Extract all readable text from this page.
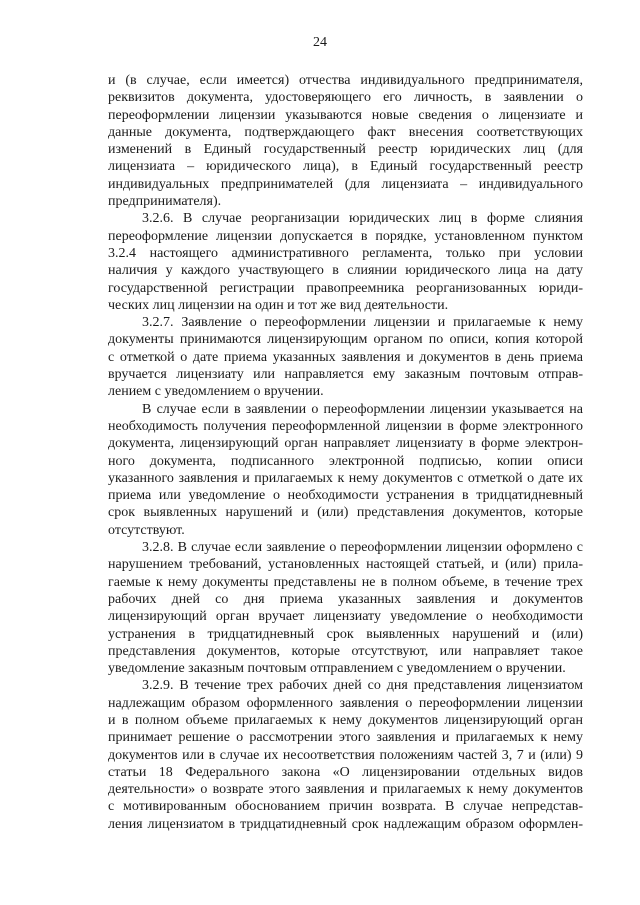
24
и (в случае, если имеется) отчества индивидуального предпринимателя,
реквизитов документа, удостоверяющего его личность, в заявлении о
переоформлении лицензии указываются новые сведения о лицензиате и
данные документа, подтверждающего факт внесения соответствующих
изменений в Единый государственный реестр юридических лиц (для
лицензиата – юридического лица), в Единый государственный реестр
индивидуальных предпринимателей (для лицензиата – индивидуального
предпринимателя).
3.2.6. В случае реорганизации юридических лиц в форме слияния
переоформление лицензии допускается в порядке, установленном пунктом
3.2.4 настоящего административного регламента, только при условии
наличия у каждого участвующего в слиянии юридического лица на дату
государственной регистрации правопреемника реорганизованных юриди-
ческих лиц лицензии на один и тот же вид деятельности.
3.2.7. Заявление о переоформлении лицензии и прилагаемые к нему
документы принимаются лицензирующим органом по описи, копия которой
с отметкой о дате приема указанных заявления и документов в день приема
вручается лицензиату или направляется ему заказным почтовым отправ-
лением с уведомлением о вручении.
В случае если в заявлении о переоформлении лицензии указывается на
необходимость получения переоформленной лицензии в форме электронного
документа, лицензирующий орган направляет лицензиату в форме электрон-
ного документа, подписанного электронной подписью, копии описи
указанного заявления и прилагаемых к нему документов с отметкой о дате их
приема или уведомление о необходимости устранения в тридцатидневный
срок выявленных нарушений и (или) представления документов, которые
отсутствуют.
3.2.8. В случае если заявление о переоформлении лицензии оформлено с
нарушением требований, установленных настоящей статьей, и (или) прила-
гаемые к нему документы представлены не в полном объеме, в течение трех
рабочих дней со дня приема указанных заявления и документов
лицензирующий орган вручает лицензиату уведомление о необходимости
устранения в тридцатидневный срок выявленных нарушений и (или)
представления документов, которые отсутствуют, или направляет такое
уведомление заказным почтовым отправлением с уведомлением о вручении.
3.2.9. В течение трех рабочих дней со дня представления лицензиатом
надлежащим образом оформленного заявления о переоформлении лицензии
и в полном объеме прилагаемых к нему документов лицензирующий орган
принимает решение о рассмотрении этого заявления и прилагаемых к нему
документов или в случае их несоответствия положениям частей 3, 7 и (или) 9
статьи 18 Федерального закона «О лицензировании отдельных видов
деятельности» о возврате этого заявления и прилагаемых к нему документов
с мотивированным обоснованием причин возврата. В случае непредстав-
ления лицензиатом в тридцатидневный срок надлежащим образом оформлен-
